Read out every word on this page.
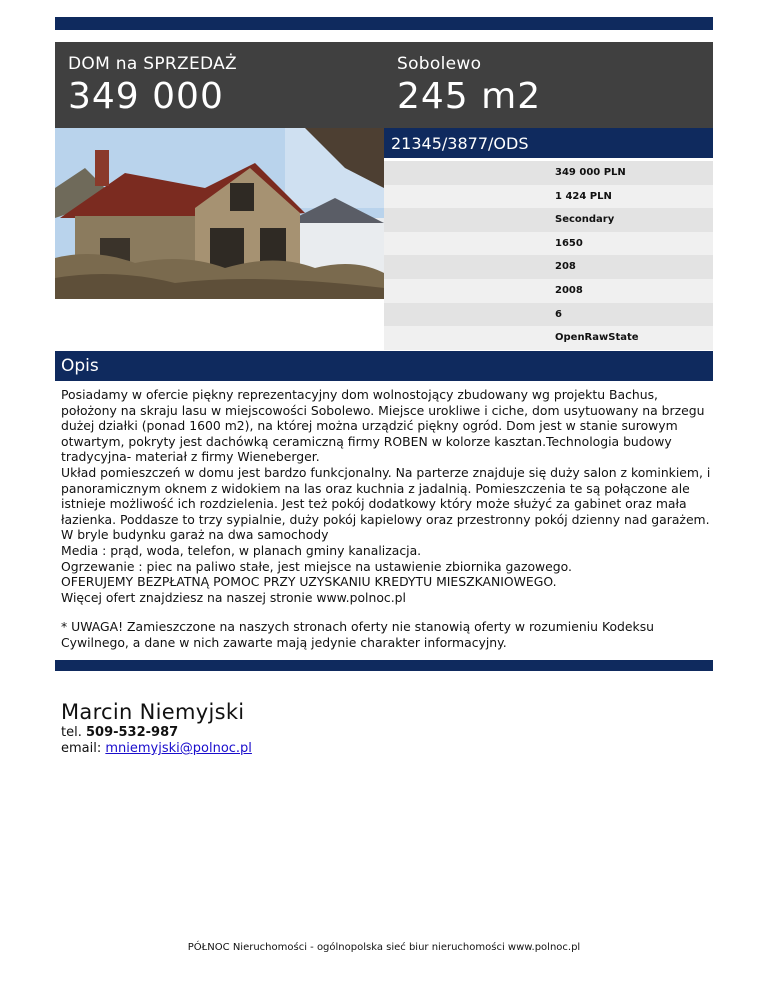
DOM na SPRZEDAŻ
349 000
Sobolewo
245 m2
21345/3877/ODS
349 000 PLN
1 424 PLN
Secondary
1650
208
2008
6
OpenRawState
Opis

Posiadamy w ofercie piękny reprezentacyjny dom wolnostojący zbudowany wg projektu Bachus, położony na skraju lasu w miejscowości Sobolewo. Miejsce urokliwe i ciche, dom usytuowany na brzegu dużej działki (ponad 1600 m2), na której można urządzić piękny ogród. Dom jest w stanie surowym otwartym, pokryty jest dachówką ceramiczną firmy ROBEN w kolorze kasztan.Technologia budowy tradycyjna- materiał z firmy Wieneberger.
Układ pomieszczeń w domu jest bardzo funkcjonalny. Na parterze znajduje się duży salon z kominkiem, i panoramicznym oknem z widokiem na las oraz kuchnia z jadalnią. Pomieszczenia te są połączone ale istnieje możliwość ich rozdzielenia. Jest też pokój dodatkowy który może służyć za gabinet oraz mała łazienka. Poddasze to trzy sypialnie, duży pokój kapielowy oraz przestronny pokój dzienny nad garażem.
W bryle budynku garaż na dwa samochody
Media : prąd, woda, telefon, w planach gminy kanalizacja.
Ogrzewanie : piec na paliwo stałe, jest miejsce na ustawienie zbiornika gazowego.
OFERUJEMY BEZPŁATNĄ POMOC PRZY UZYSKANIU KREDYTU MIESZKANIOWEGO.
Więcej ofert znajdziesz na naszej stronie www.polnoc.pl

* UWAGA! Zamieszczone na naszych stronach oferty nie stanowią oferty w rozumieniu Kodeksu Cywilnego, a dane w nich zawarte mają jedynie charakter informacyjny.

Marcin Niemyjski
tel. 509-532-987
email: mniemyjski@polnoc.pl
PÓŁNOC Nieruchomości - ogólnopolska sieć biur nieruchomości www.polnoc.pl
